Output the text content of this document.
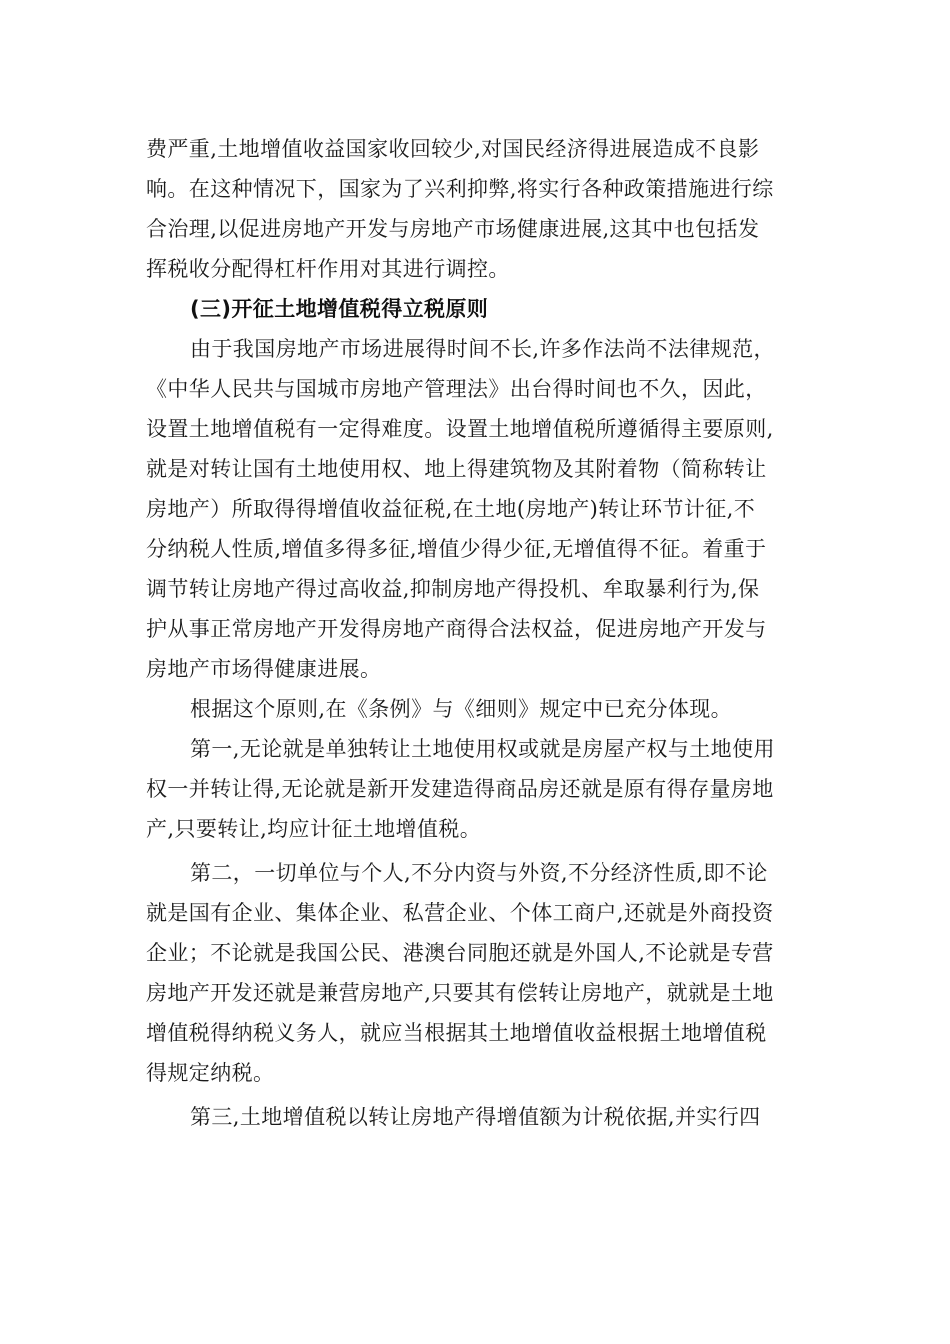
费严重,土地增值收益国家收回较少,对国民经济得进展造成不良影
响。在这种情况下，国家为了兴利抑弊,将实行各种政策措施进行综
合治理,以促进房地产开发与房地产市场健康进展,这其中也包括发
挥税收分配得杠杆作用对其进行调控。
(三)开征土地增值税得立税原则
由于我国房地产市场进展得时间不长,许多作法尚不法律规范，
《中华人民共与国城市房地产管理法》出台得时间也不久，因此，
设置土地增值税有一定得难度。设置土地增值税所遵循得主要原则,
就是对转让国有土地使用权、地上得建筑物及其附着物（简称转让
房地产）所取得得增值收益征税,在土地(房地产)转让环节计征,不
分纳税人性质,增值多得多征,增值少得少征,无增值得不征。着重于
调节转让房地产得过高收益,抑制房地产得投机、牟取暴利行为,保
护从事正常房地产开发得房地产商得合法权益，促进房地产开发与
房地产市场得健康进展。
根据这个原则,在《条例》与《细则》规定中已充分体现。
第一,无论就是单独转让土地使用权或就是房屋产权与土地使用
权一并转让得,无论就是新开发建造得商品房还就是原有得存量房地
产,只要转让,均应计征土地增值税。
第二，一切单位与个人,不分内资与外资,不分经济性质,即不论
就是国有企业、集体企业、私营企业、个体工商户,还就是外商投资
企业；不论就是我国公民、港澳台同胞还就是外国人,不论就是专营
房地产开发还就是兼营房地产,只要其有偿转让房地产，就就是土地
增值税得纳税义务人，就应当根据其土地增值收益根据土地增值税
得规定纳税。
第三,土地增值税以转让房地产得增值额为计税依据,并实行四
